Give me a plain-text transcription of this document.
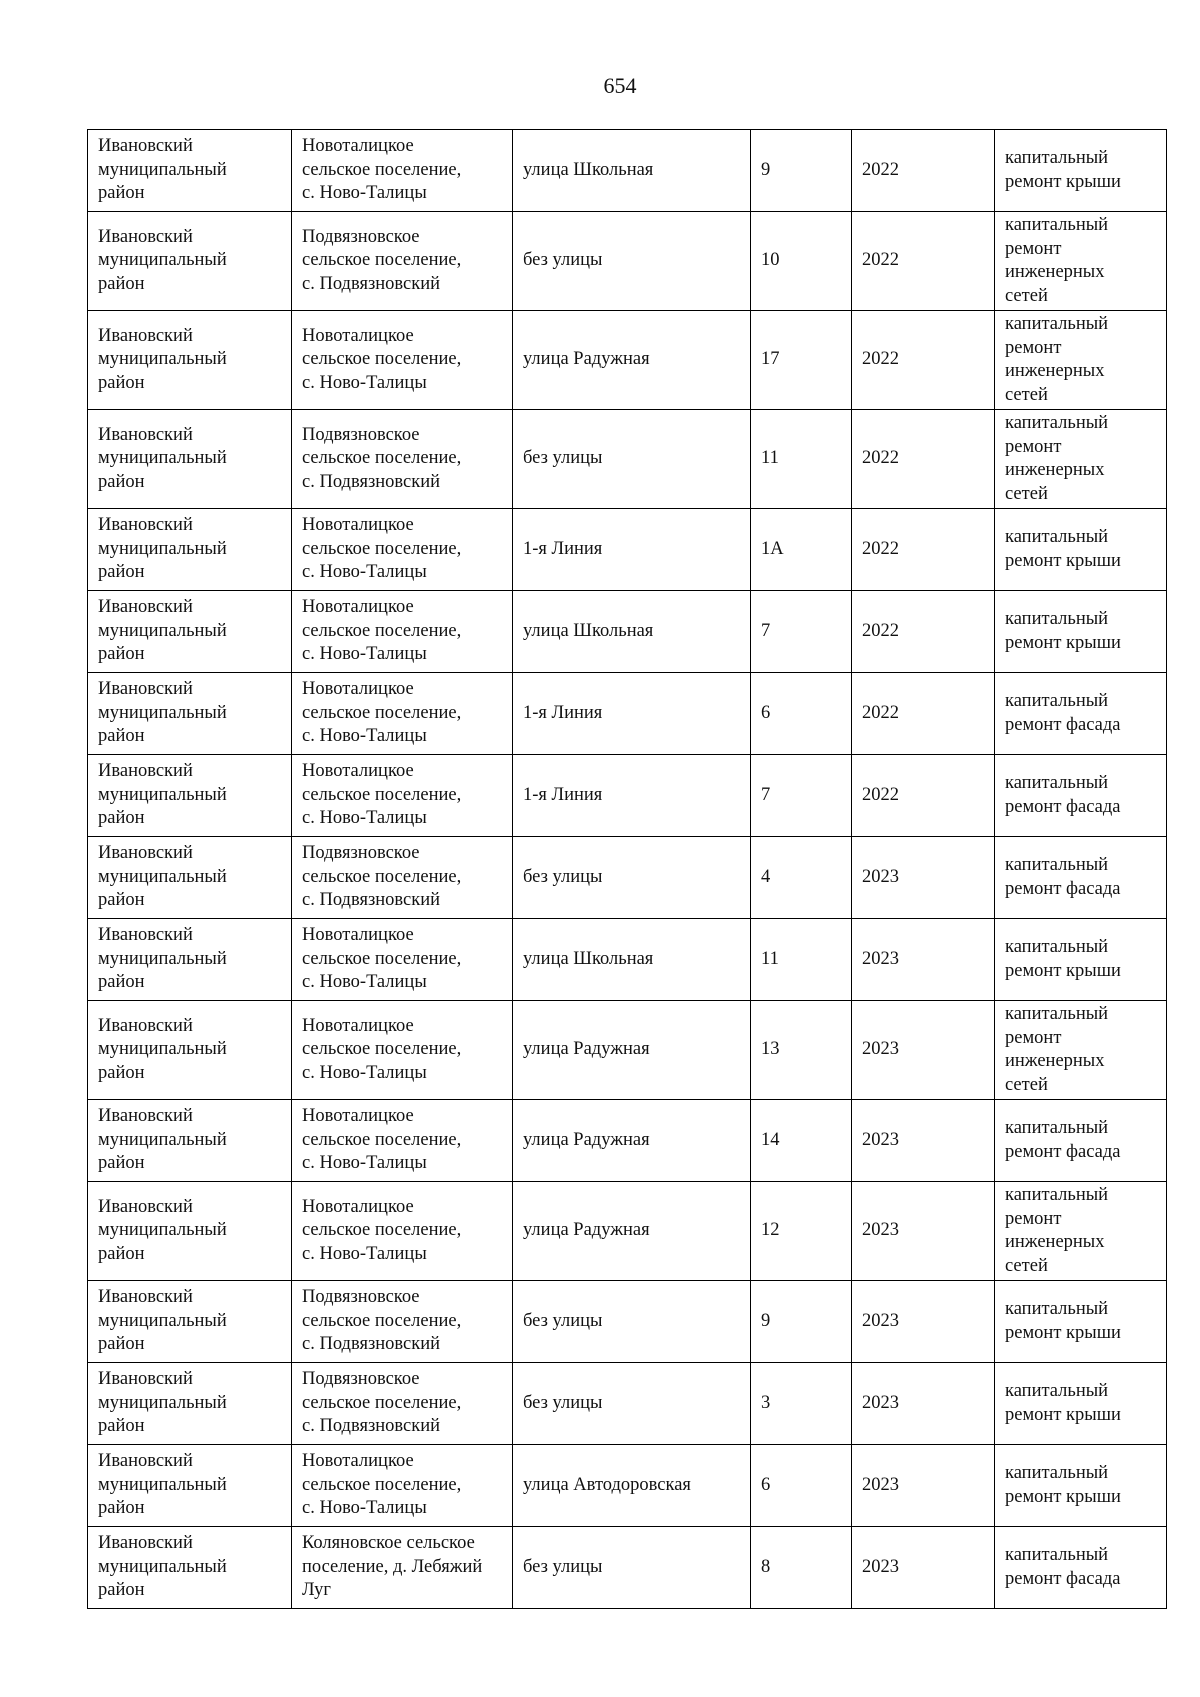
654
Ивановский
муниципальный
район	Новоталицкое
сельское поселение,
с. Ново-Талицы	улица Школьная	9	2022	капитальный
ремонт крыши
Ивановский
муниципальный
район	Подвязновское
сельское поселение,
с. Подвязновский	без улицы	10	2022	капитальный
ремонт
инженерных
сетей
Ивановский
муниципальный
район	Новоталицкое
сельское поселение,
с. Ново-Талицы	улица Радужная	17	2022	капитальный
ремонт
инженерных
сетей
Ивановский
муниципальный
район	Подвязновское
сельское поселение,
с. Подвязновский	без улицы	11	2022	капитальный
ремонт
инженерных
сетей
Ивановский
муниципальный
район	Новоталицкое
сельское поселение,
с. Ново-Талицы	1-я Линия	1А	2022	капитальный
ремонт крыши
Ивановский
муниципальный
район	Новоталицкое
сельское поселение,
с. Ново-Талицы	улица Школьная	7	2022	капитальный
ремонт крыши
Ивановский
муниципальный
район	Новоталицкое
сельское поселение,
с. Ново-Талицы	1-я Линия	6	2022	капитальный
ремонт фасада
Ивановский
муниципальный
район	Новоталицкое
сельское поселение,
с. Ново-Талицы	1-я Линия	7	2022	капитальный
ремонт фасада
Ивановский
муниципальный
район	Подвязновское
сельское поселение,
с. Подвязновский	без улицы	4	2023	капитальный
ремонт фасада
Ивановский
муниципальный
район	Новоталицкое
сельское поселение,
с. Ново-Талицы	улица Школьная	11	2023	капитальный
ремонт крыши
Ивановский
муниципальный
район	Новоталицкое
сельское поселение,
с. Ново-Талицы	улица Радужная	13	2023	капитальный
ремонт
инженерных
сетей
Ивановский
муниципальный
район	Новоталицкое
сельское поселение,
с. Ново-Талицы	улица Радужная	14	2023	капитальный
ремонт фасада
Ивановский
муниципальный
район	Новоталицкое
сельское поселение,
с. Ново-Талицы	улица Радужная	12	2023	капитальный
ремонт
инженерных
сетей
Ивановский
муниципальный
район	Подвязновское
сельское поселение,
с. Подвязновский	без улицы	9	2023	капитальный
ремонт крыши
Ивановский
муниципальный
район	Подвязновское
сельское поселение,
с. Подвязновский	без улицы	3	2023	капитальный
ремонт крыши
Ивановский
муниципальный
район	Новоталицкое
сельское поселение,
с. Ново-Талицы	улица Автодоровская	6	2023	капитальный
ремонт крыши
Ивановский
муниципальный
район	Коляновское сельское
поселение, д. Лебяжий
Луг	без улицы	8	2023	капитальный
ремонт фасада
